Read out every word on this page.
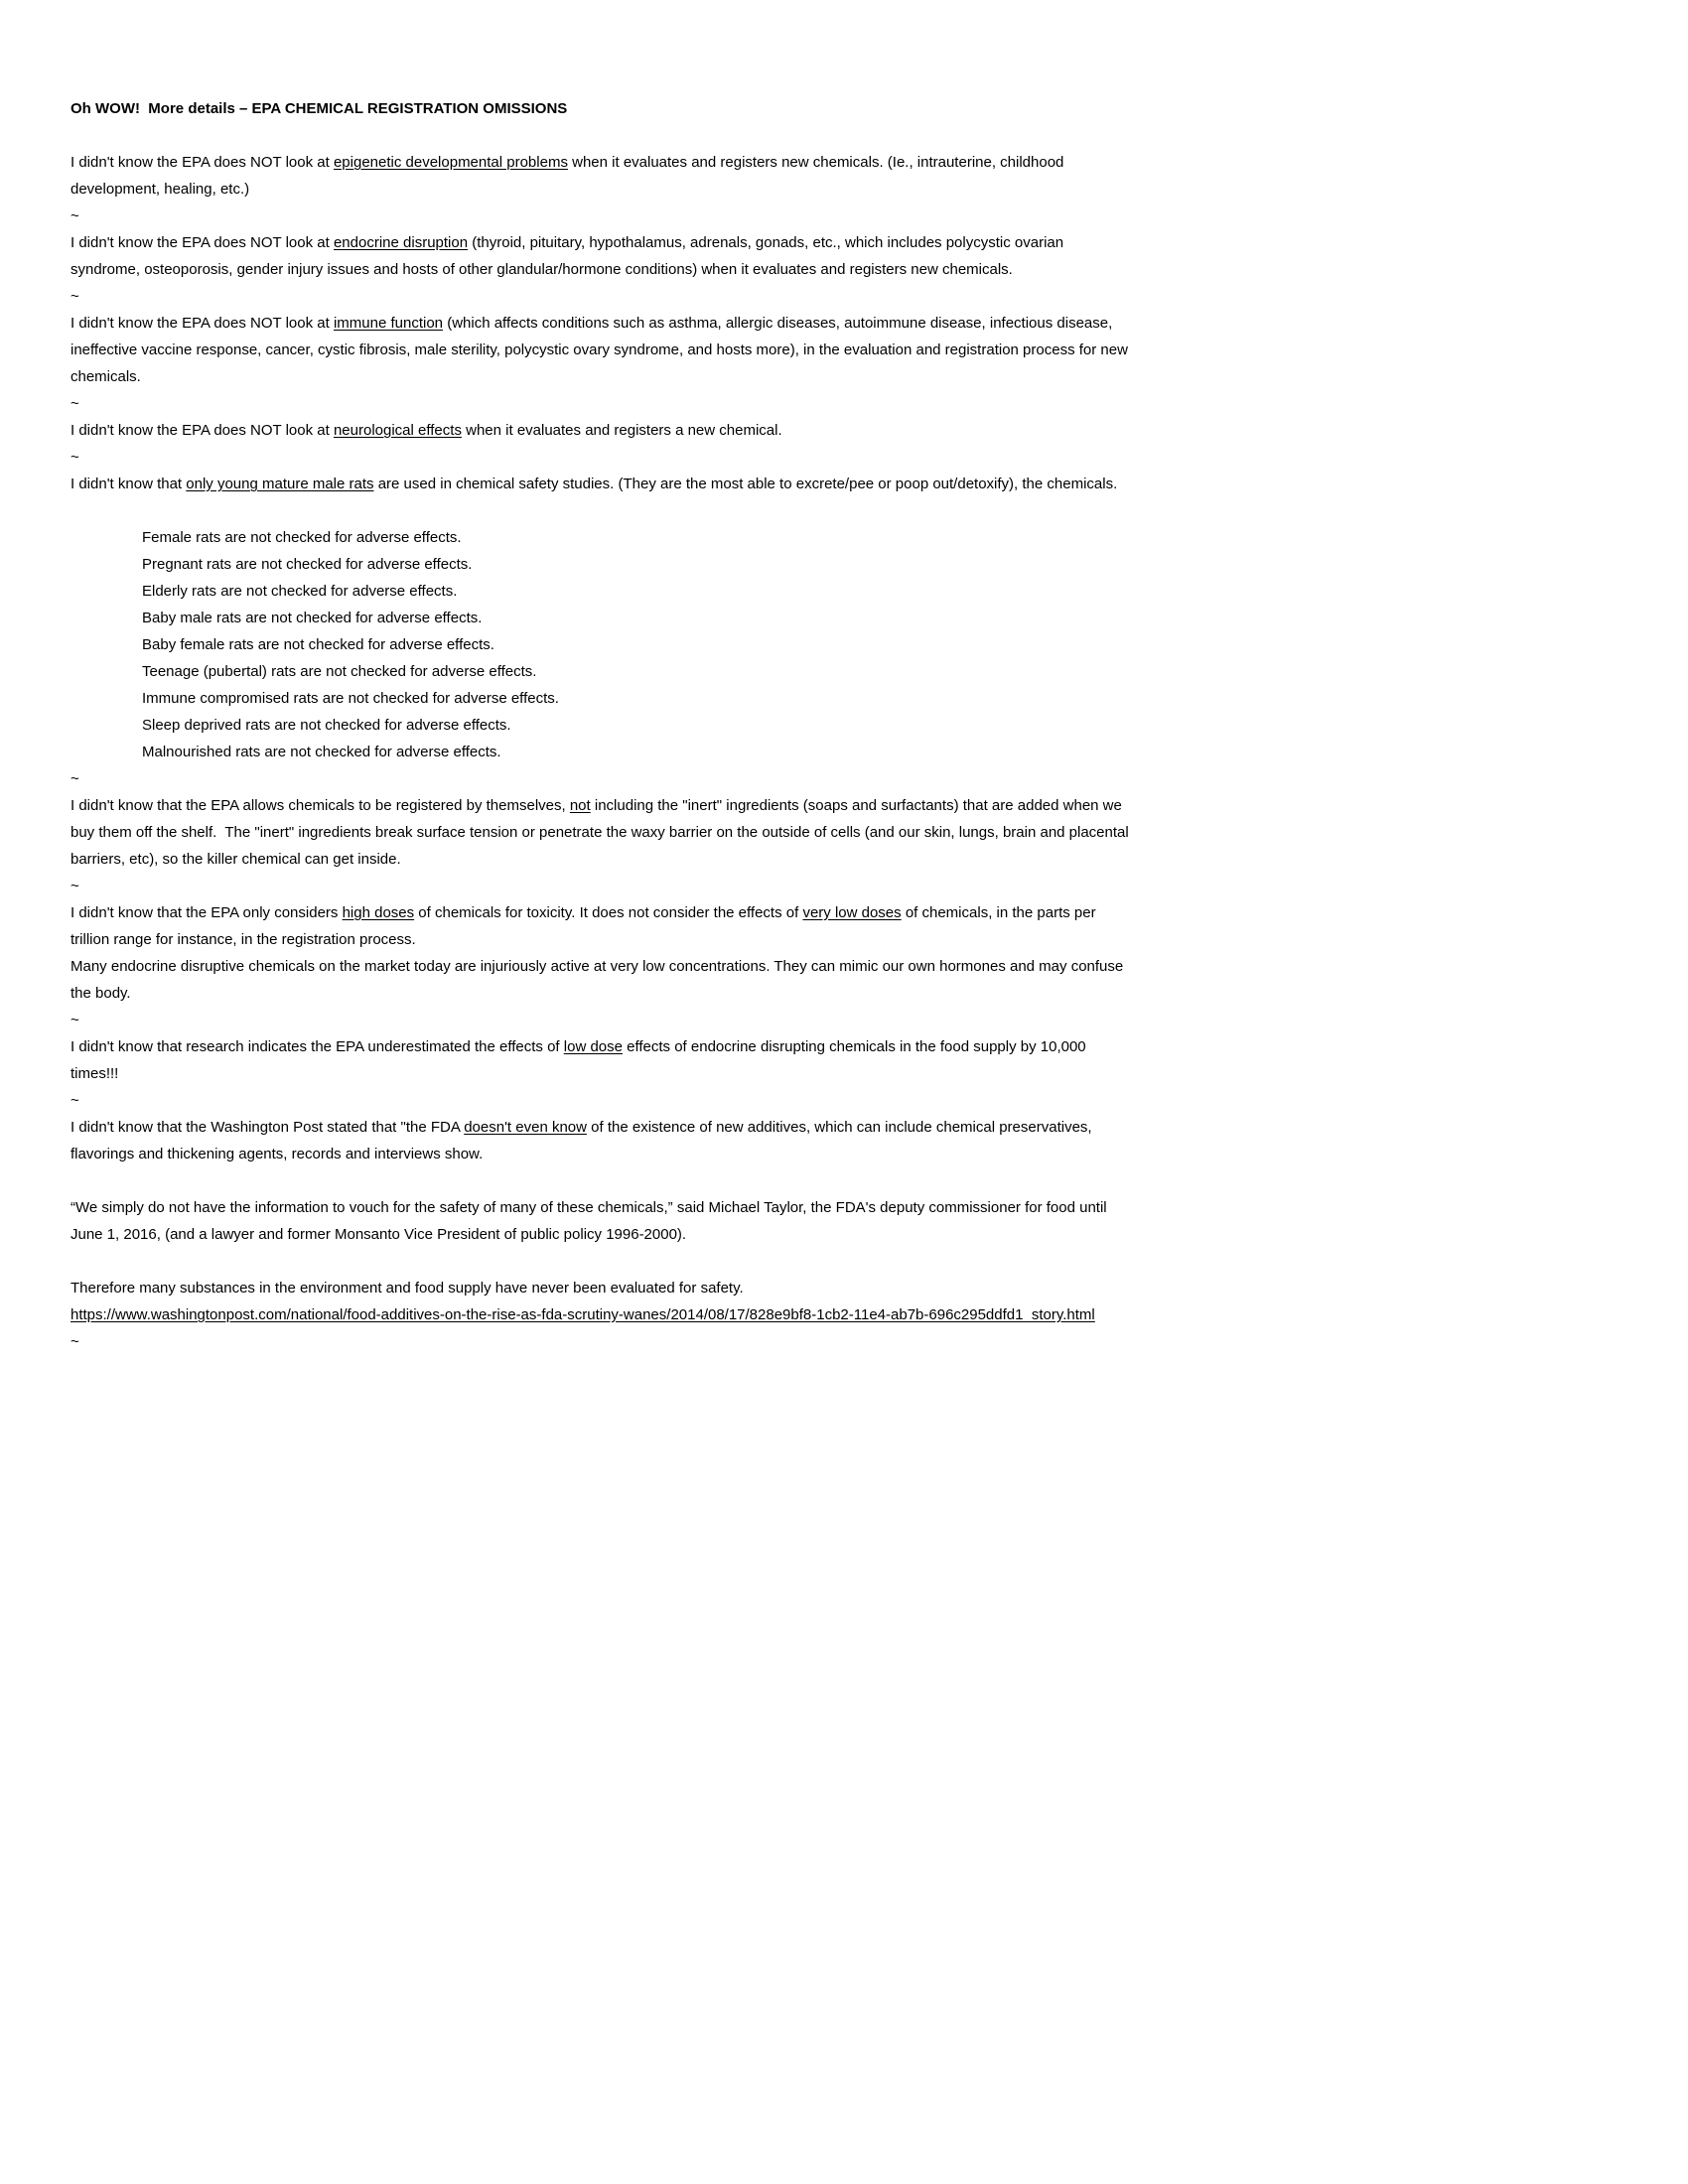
Oh WOW!  More details – EPA CHEMICAL REGISTRATION OMISSIONS
I didn't know the EPA does NOT look at epigenetic developmental problems when it evaluates and registers new chemicals. (Ie., intrauterine, childhood development, healing, etc.)
~
I didn't know the EPA does NOT look at endocrine disruption (thyroid, pituitary, hypothalamus, adrenals, gonads, etc., which includes polycystic ovarian syndrome, osteoporosis, gender injury issues and hosts of other glandular/hormone conditions) when it evaluates and registers new chemicals.
~
I didn't know the EPA does NOT look at immune function (which affects conditions such as asthma, allergic diseases, autoimmune disease, infectious disease, ineffective vaccine response, cancer, cystic fibrosis, male sterility, polycystic ovary syndrome, and hosts more), in the evaluation and registration process for new chemicals.
~
I didn't know the EPA does NOT look at neurological effects when it evaluates and registers a new chemical.
~
I didn't know that only young mature male rats are used in chemical safety studies. (They are the most able to excrete/pee or poop out/detoxify), the chemicals.
Female rats are not checked for adverse effects.
Pregnant rats are not checked for adverse effects.
Elderly rats are not checked for adverse effects.
Baby male rats are not checked for adverse effects.
Baby female rats are not checked for adverse effects.
Teenage (pubertal) rats are not checked for adverse effects.
Immune compromised rats are not checked for adverse effects.
Sleep deprived rats are not checked for adverse effects.
Malnourished rats are not checked for adverse effects.
~
I didn't know that the EPA allows chemicals to be registered by themselves, not including the "inert" ingredients (soaps and surfactants) that are added when we buy them off the shelf.  The "inert" ingredients break surface tension or penetrate the waxy barrier on the outside of cells (and our skin, lungs, brain and placental barriers, etc), so the killer chemical can get inside.
~
I didn't know that the EPA only considers high doses of chemicals for toxicity. It does not consider the effects of very low doses of chemicals, in the parts per trillion range for instance, in the registration process.
Many endocrine disruptive chemicals on the market today are injuriously active at very low concentrations. They can mimic our own hormones and may confuse the body.
~
I didn't know that research indicates the EPA underestimated the effects of low dose effects of endocrine disrupting chemicals in the food supply by 10,000 times!!!
~
I didn't know that the Washington Post stated that "the FDA doesn't even know of the existence of new additives, which can include chemical preservatives, flavorings and thickening agents, records and interviews show.
“We simply do not have the information to vouch for the safety of many of these chemicals,” said Michael Taylor, the FDA's deputy commissioner for food until June 1, 2016, (and a lawyer and former Monsanto Vice President of public policy 1996-2000).
Therefore many substances in the environment and food supply have never been evaluated for safety.
https://www.washingtonpost.com/national/food-additives-on-the-rise-as-fda-scrutiny-wanes/2014/08/17/828e9bf8-1cb2-11e4-ab7b-696c295ddfd1_story.html
~
